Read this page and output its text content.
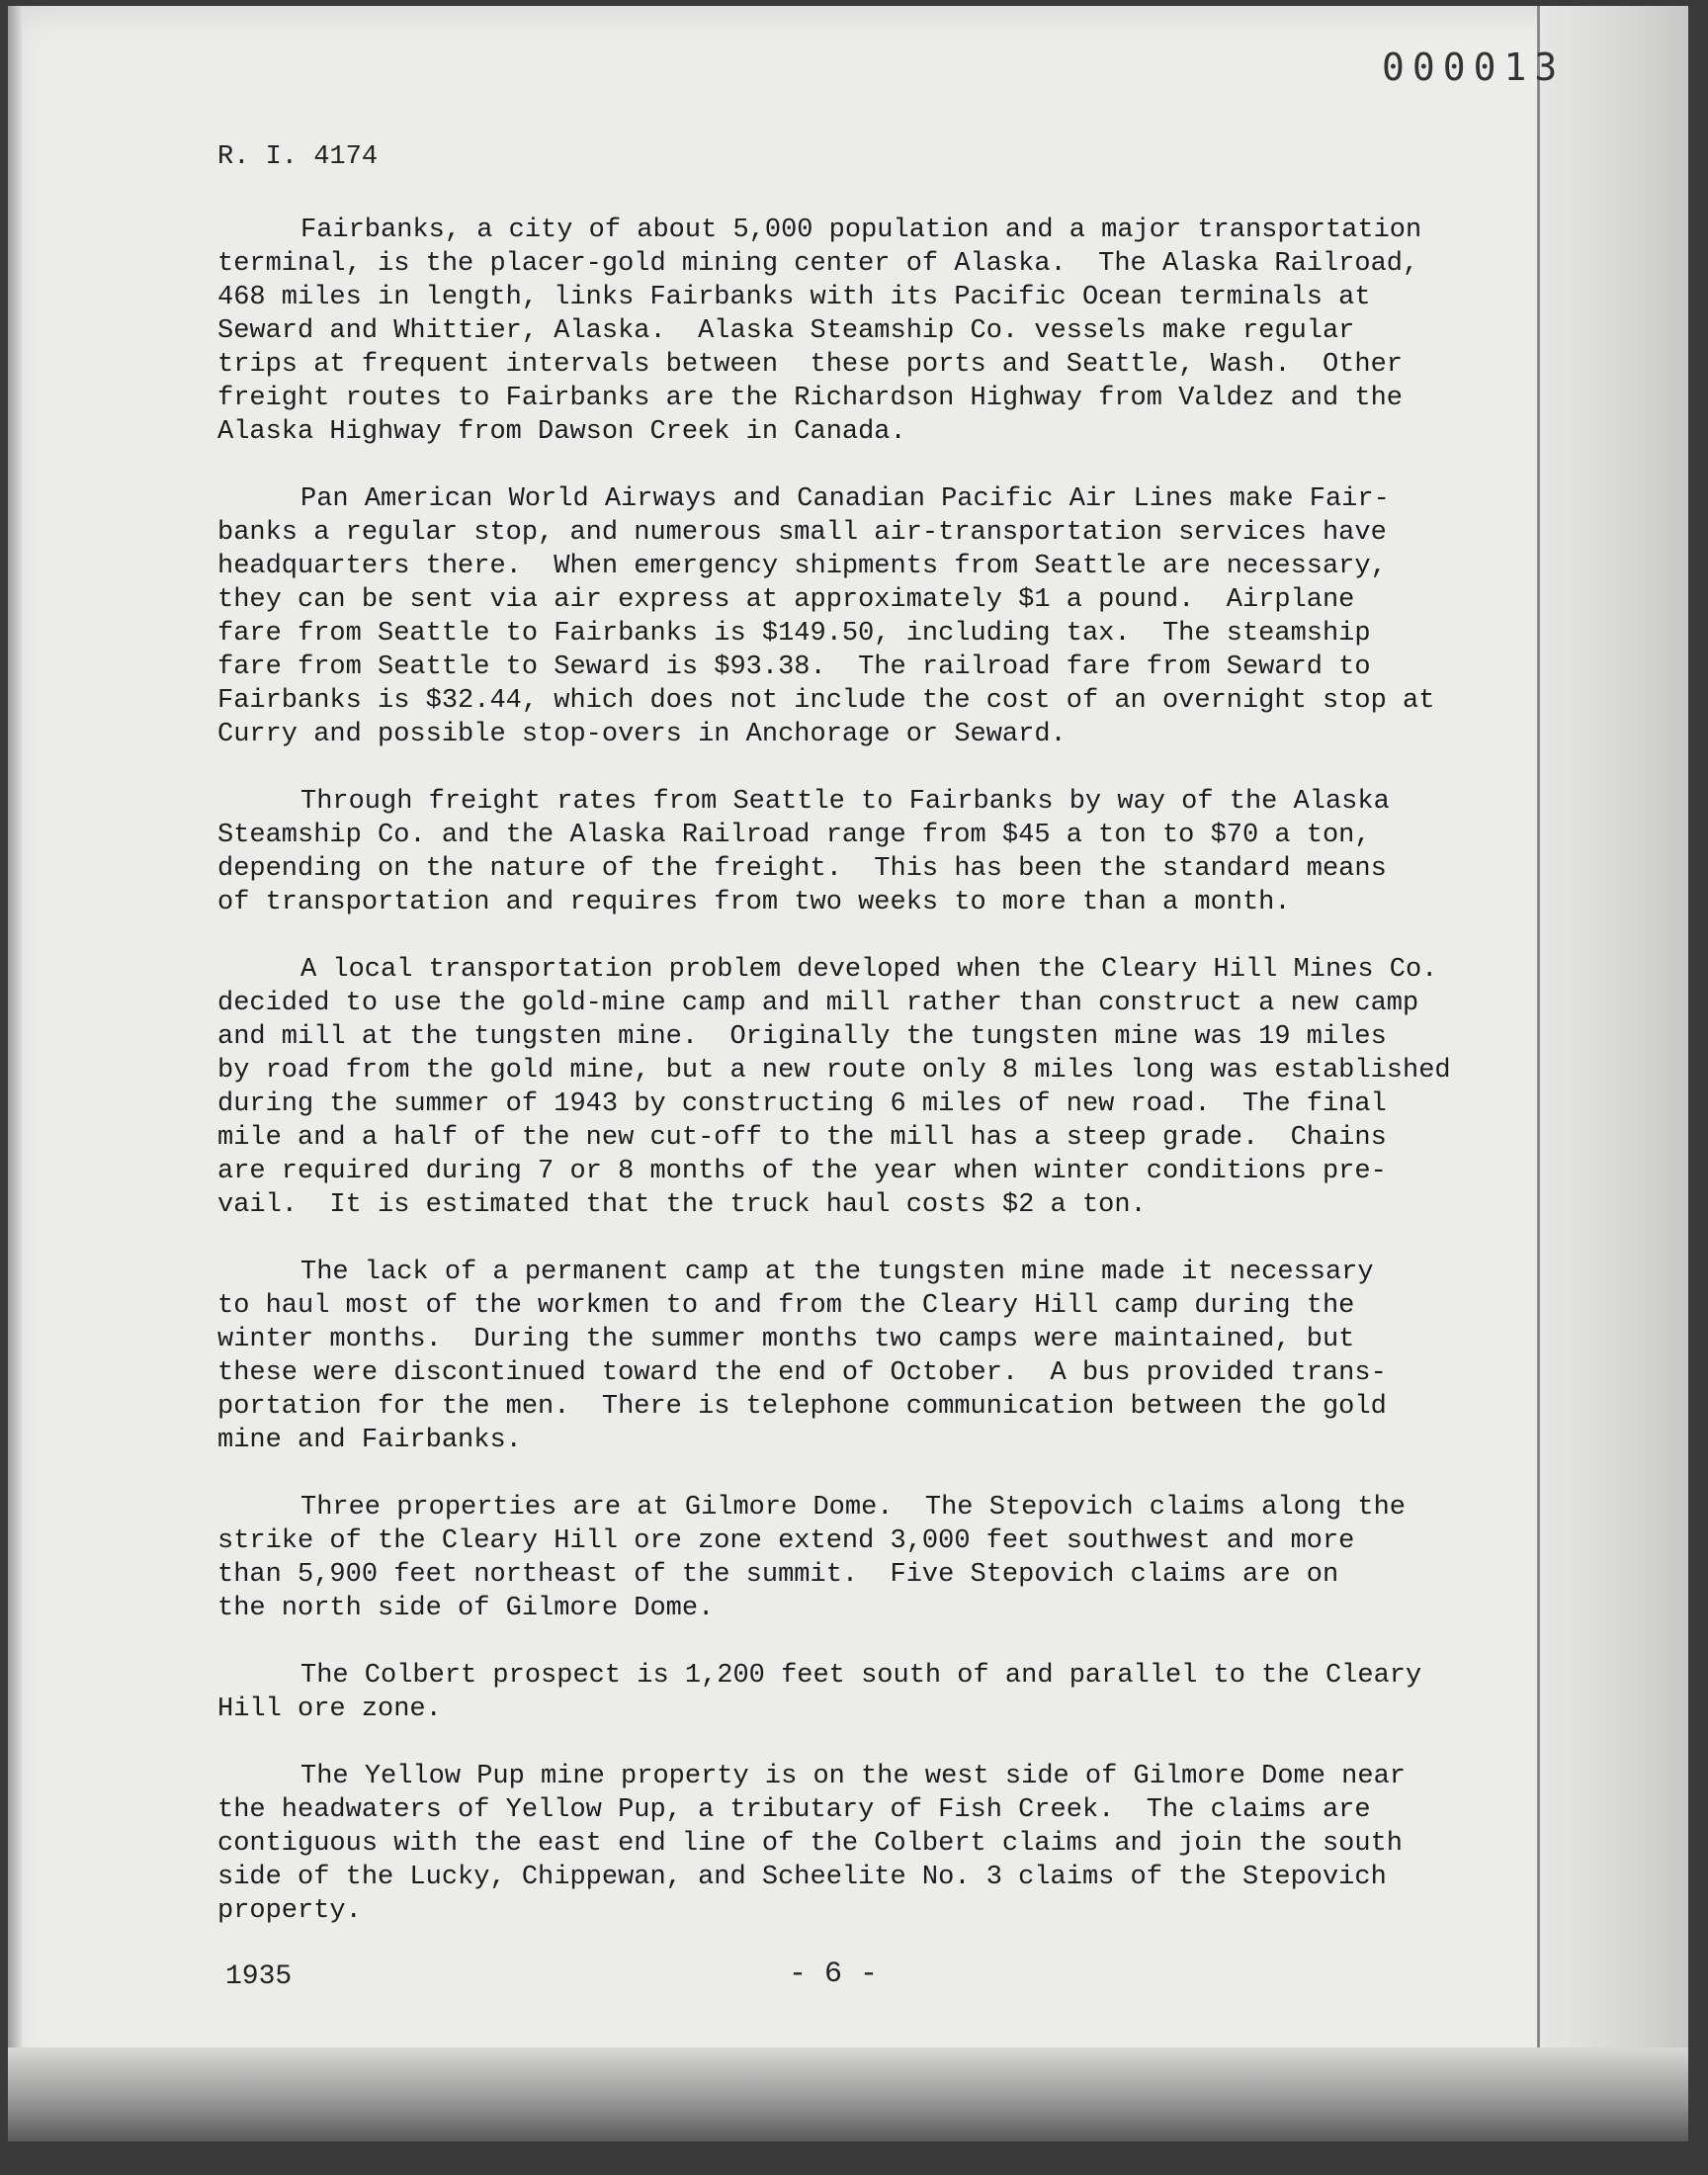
000013
R. I. 4174
Fairbanks, a city of about 5,000 population and a major transportation
terminal, is the placer-gold mining center of Alaska.  The Alaska Railroad,
468 miles in length, links Fairbanks with its Pacific Ocean terminals at
Seward and Whittier, Alaska.  Alaska Steamship Co. vessels make regular
trips at frequent intervals between  these ports and Seattle, Wash.  Other
freight routes to Fairbanks are the Richardson Highway from Valdez and the
Alaska Highway from Dawson Creek in Canada.
Pan American World Airways and Canadian Pacific Air Lines make Fair-
banks a regular stop, and numerous small air-transportation services have
headquarters there.  When emergency shipments from Seattle are necessary,
they can be sent via air express at approximately $1 a pound.  Airplane
fare from Seattle to Fairbanks is $149.50, including tax.  The steamship
fare from Seattle to Seward is $93.38.  The railroad fare from Seward to
Fairbanks is $32.44, which does not include the cost of an overnight stop at
Curry and possible stop-overs in Anchorage or Seward.
Through freight rates from Seattle to Fairbanks by way of the Alaska
Steamship Co. and the Alaska Railroad range from $45 a ton to $70 a ton,
depending on the nature of the freight.  This has been the standard means
of transportation and requires from two weeks to more than a month.
A local transportation problem developed when the Cleary Hill Mines Co.
decided to use the gold-mine camp and mill rather than construct a new camp
and mill at the tungsten mine.  Originally the tungsten mine was 19 miles
by road from the gold mine, but a new route only 8 miles long was established
during the summer of 1943 by constructing 6 miles of new road.  The final
mile and a half of the new cut-off to the mill has a steep grade.  Chains
are required during 7 or 8 months of the year when winter conditions pre-
vail.  It is estimated that the truck haul costs $2 a ton.
The lack of a permanent camp at the tungsten mine made it necessary
to haul most of the workmen to and from the Cleary Hill camp during the
winter months.  During the summer months two camps were maintained, but
these were discontinued toward the end of October.  A bus provided trans-
portation for the men.  There is telephone communication between the gold
mine and Fairbanks.
Three properties are at Gilmore Dome.  The Stepovich claims along the
strike of the Cleary Hill ore zone extend 3,000 feet southwest and more
than 5,900 feet northeast of the summit.  Five Stepovich claims are on
the north side of Gilmore Dome.
The Colbert prospect is 1,200 feet south of and parallel to the Cleary
Hill ore zone.
The Yellow Pup mine property is on the west side of Gilmore Dome near
the headwaters of Yellow Pup, a tributary of Fish Creek.  The claims are
contiguous with the east end line of the Colbert claims and join the south
side of the Lucky, Chippewan, and Scheelite No. 3 claims of the Stepovich
property.
1935	- 6 -
